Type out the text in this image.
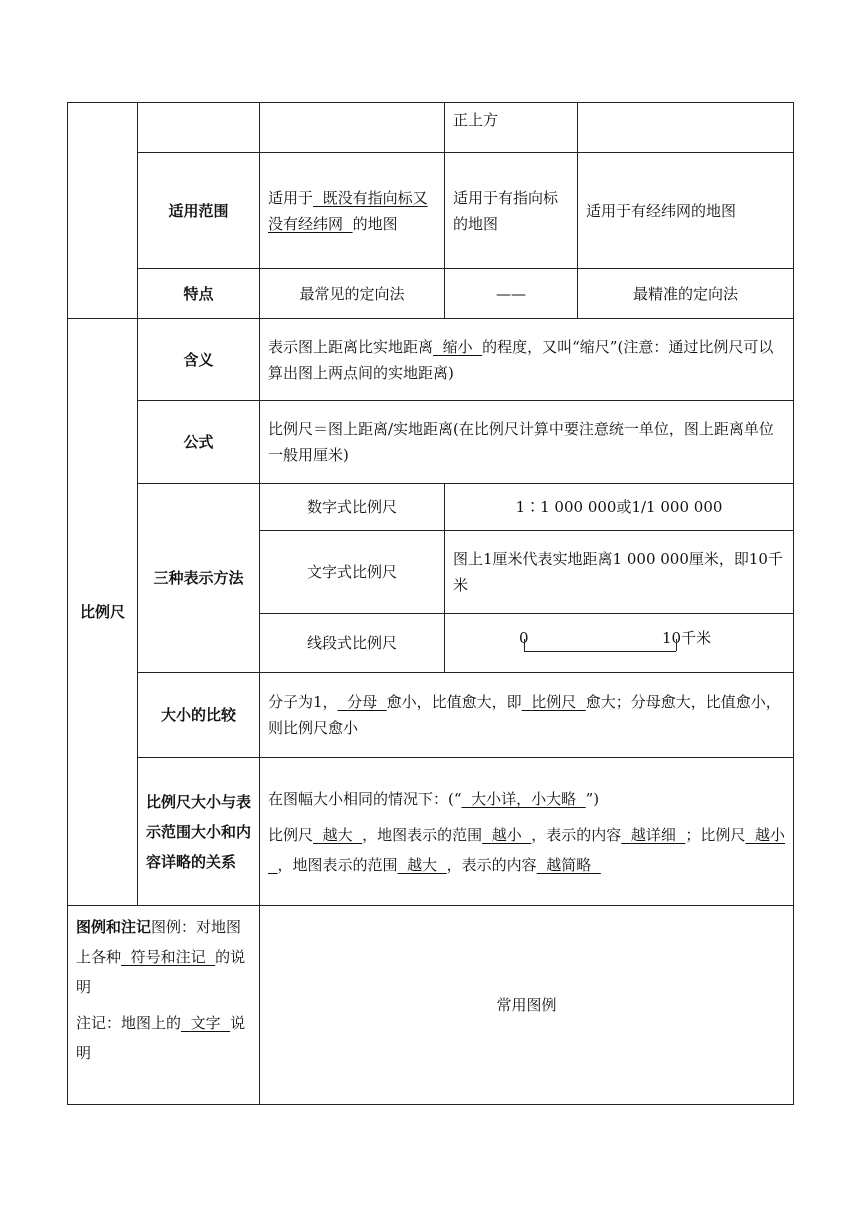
			正上方	
	适用范围	适用于 既没有指向标又没有经纬网 的地图	适用于有指向标的地图	适用于有经纬网的地图
	特点	最常见的定向法	——	最精准的定向法
比例尺	含义	表示图上距离比实地距离 缩小 的程度，又叫“缩尺”(注意：通过比例尺可以算出图上两点间的实地距离)		
	公式	比例尺＝图上距离/实地距离(在比例尺计算中要注意统一单位，图上距离单位一般用厘米)		
	三种表示方法	数字式比例尺	1∶1 000 000或1/1 000 000	
		文字式比例尺	图上1厘米代表实地距离1 000 000厘米，即10千米	
		线段式比例尺	0 10千米	

	大小的比较	分子为1， 分母 愈小，比值愈大，即 比例尺 愈大；分母愈大，比值愈小，则比例尺愈小		
	比例尺大小与表示范围大小和内容详略的关系	在图幅大小相同的情况下：(“ 大小详，小大略 ”)

比例尺 越大 ，地图表示的范围 越小 ，表示的内容 越详细 ；比例尺 越小  ，地图表示的范围 越大 ，表示的内容 越简略		

图例和注记图例：对地图上各种 符号和注记 的说明

注记：地图上的 文字 说明		常用图例		
